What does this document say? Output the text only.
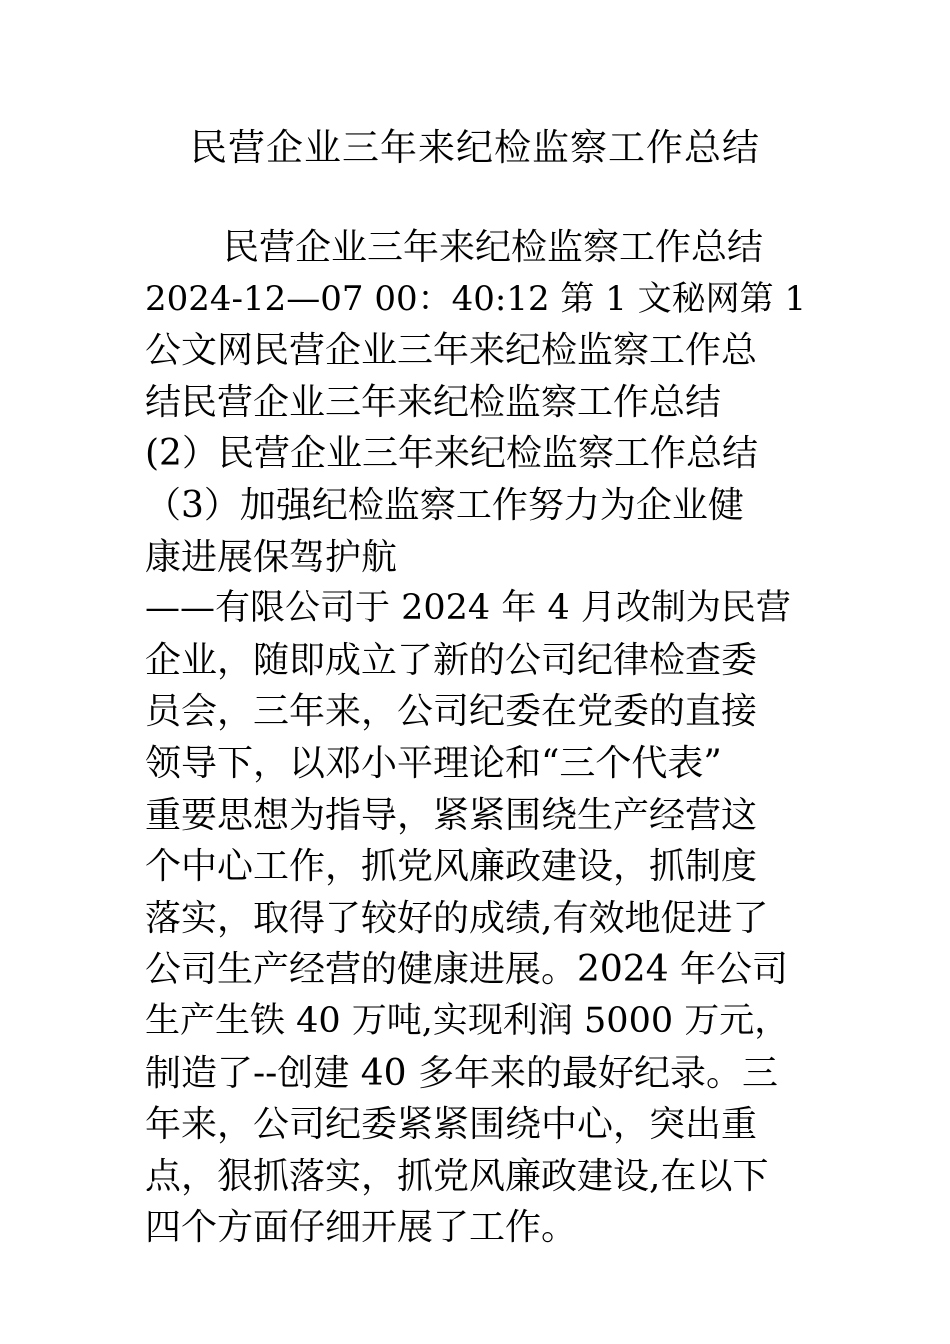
民营企业三年来纪检监察工作总结
民营企业三年来纪检监察工作总结
2024-12—07 00：40:12 第 1 文秘网第 1
公文网民营企业三年来纪检监察工作总
结民营企业三年来纪检监察工作总结
(2）民营企业三年来纪检监察工作总结
（3）加强纪检监察工作努力为企业健
康进展保驾护航
——有限公司于 2024 年 4 月改制为民营
企业，随即成立了新的公司纪律检查委
员会，三年来，公司纪委在党委的直接
领导下，以邓小平理论和“三个代表”
重要思想为指导，紧紧围绕生产经营这
个中心工作，抓党风廉政建设，抓制度
落实，取得了较好的成绩,有效地促进了
公司生产经营的健康进展。2024 年公司
生产生铁 40 万吨,实现利润 5000 万元，
制造了--创建 40 多年来的最好纪录。三
年来，公司纪委紧紧围绕中心，突出重
点，狠抓落实，抓党风廉政建设,在以下
四个方面仔细开展了工作。
